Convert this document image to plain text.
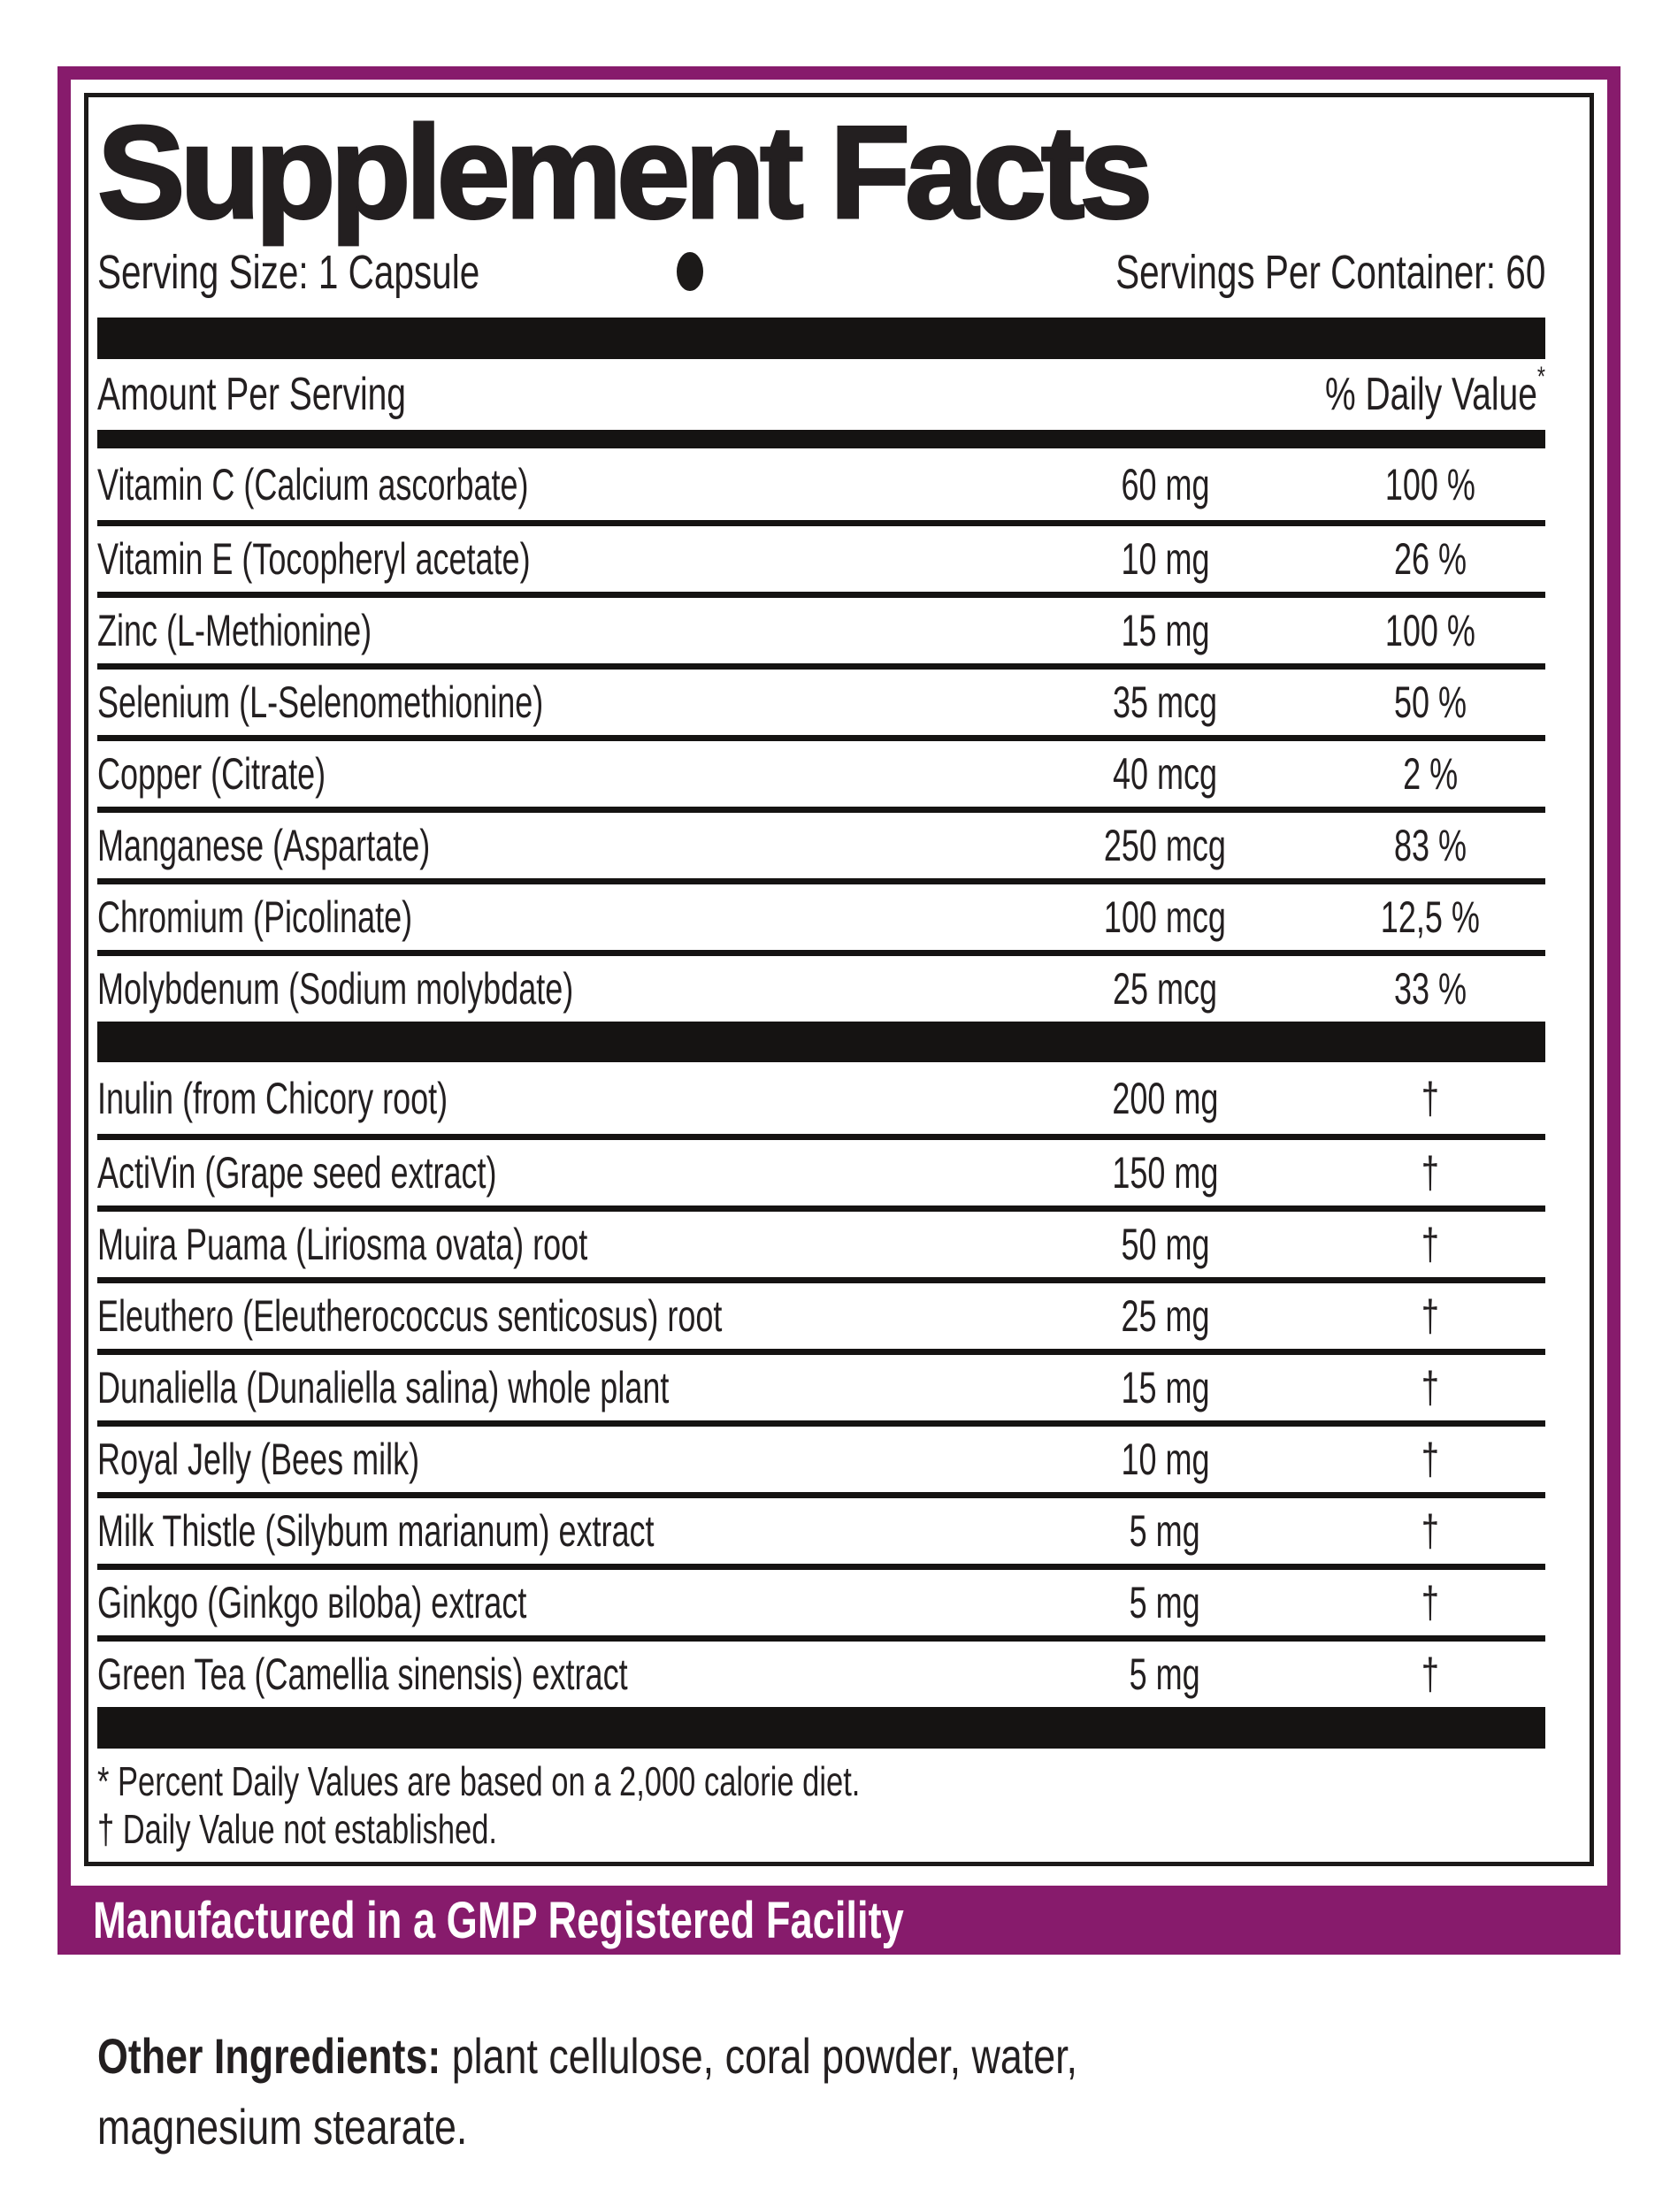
Supplement Facts
Serving Size: 1 Capsule	Servings Per Container: 60
Amount Per Serving	% Daily Value*
Vitamin C (Calcium ascorbate)	60 mg	100 %
Vitamin E (Tocopheryl acetate)	10 mg	26 %
Zinc (L-Methionine)	15 mg	100 %
Selenium (L-Selenomethionine)	35 mcg	50 %
Copper (Citrate)	40 mcg	2 %
Manganese (Aspartate)	250 mcg	83 %
Chromium (Picolinate)	100 mcg	12,5 %
Molybdenum (Sodium molybdate)	25 mcg	33 %
Inulin (from Chicory root)	200 mg	†
ActiVin (Grape seed extract)	150 mg	†
Muira Puama (Liriosma ovata) root	50 mg	†
Eleuthero (Eleutherococcus senticosus) root	25 mg	†
Dunaliella (Dunaliella salina) whole plant	15 mg	†
Royal Jelly (Bees milk)	10 mg	†
Milk Thistle (Silybum marianum) extract	5 mg	†
Ginkgo (Ginkgo вiloba) extract	5 mg	†
Green Tea (Camellia sinensis) extract	5 mg	†
* Percent Daily Values are based on a 2,000 calorie diet.
† Daily Value not established.
Manufactured in a GMP Registered Facility

Other Ingredients: plant cellulose, coral powder, water, magnesium stearate.
